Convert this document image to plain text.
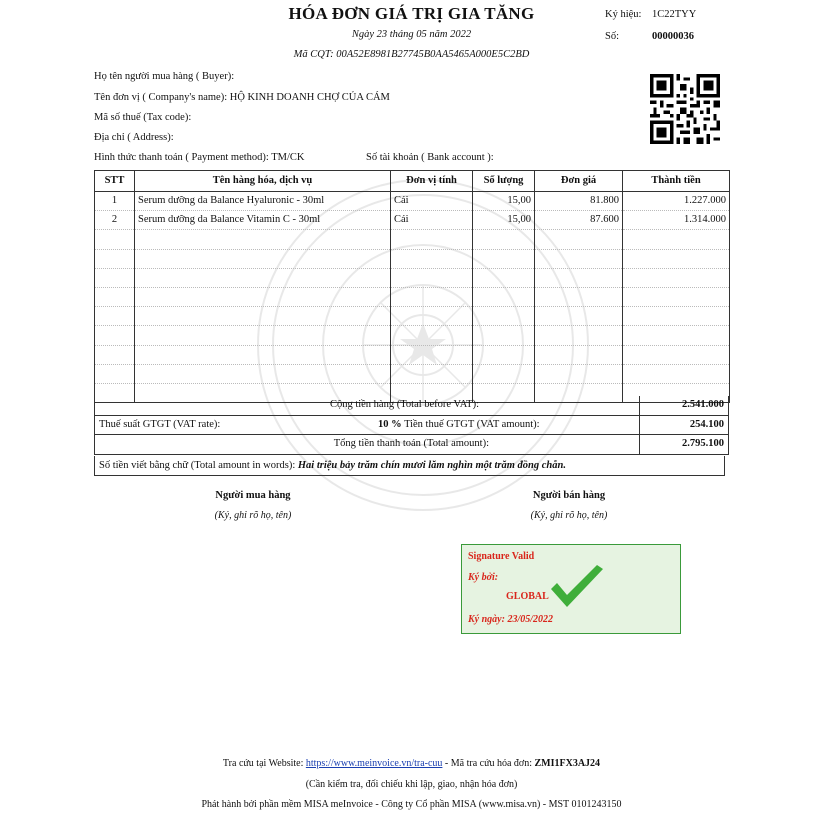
HÓA ĐƠN GIÁ TRỊ GIA TĂNG
Ngày 23 tháng 05 năm 2022
Mã CQT: 00A52E8981B27745B0AA5465A000E5C2BD
Ký hiệu: 1C22TYY
Số:	00000036
Họ tên người mua hàng ( Buyer):
Tên đơn vị ( Company's name): HỘ KINH DOANH CHỢ CỦA CÁM
Mã số thuế (Tax code):
Địa chỉ ( Address):
Hình thức thanh toán ( Payment method): TM/CK	Số tài khoản ( Bank account ):
STT	Tên hàng hóa, dịch vụ	Đơn vị tính	Số lượng	Đơn giá	Thành tiền
1	Serum dưỡng da Balance Hyaluronic - 30ml	Cái	15,00	81.800	1.227.000
2	Serum dưỡng da Balance Vitamin C - 30ml	Cái	15,00	87.600	1.314.000

Cộng tiền hàng (Total before VAT):		2.541.000
Thuế suất GTGT (VAT rate):	10 % Tiền thuế GTGT (VAT amount):	254.100
Tổng tiền thanh toán (Total amount):		2.795.100
Số tiền viết bằng chữ (Total amount in words): Hai triệu bảy trăm chín mươi lăm nghìn một trăm đồng chẵn.
Người mua hàng
(Ký, ghi rõ họ, tên)
Người bán hàng
(Ký, ghi rõ họ, tên)
Signature Valid
Ký bởi:
GLOBAL
Ký ngày: 23/05/2022
Tra cứu tại Website: https://www.meinvoice.vn/tra-cuu - Mã tra cứu hóa đơn: ZMI1FX3AJ24
(Cần kiểm tra, đối chiếu khi lập, giao, nhận hóa đơn)
Phát hành bởi phần mềm MISA meInvoice - Công ty Cổ phần MISA (www.misa.vn) - MST 0101243150
